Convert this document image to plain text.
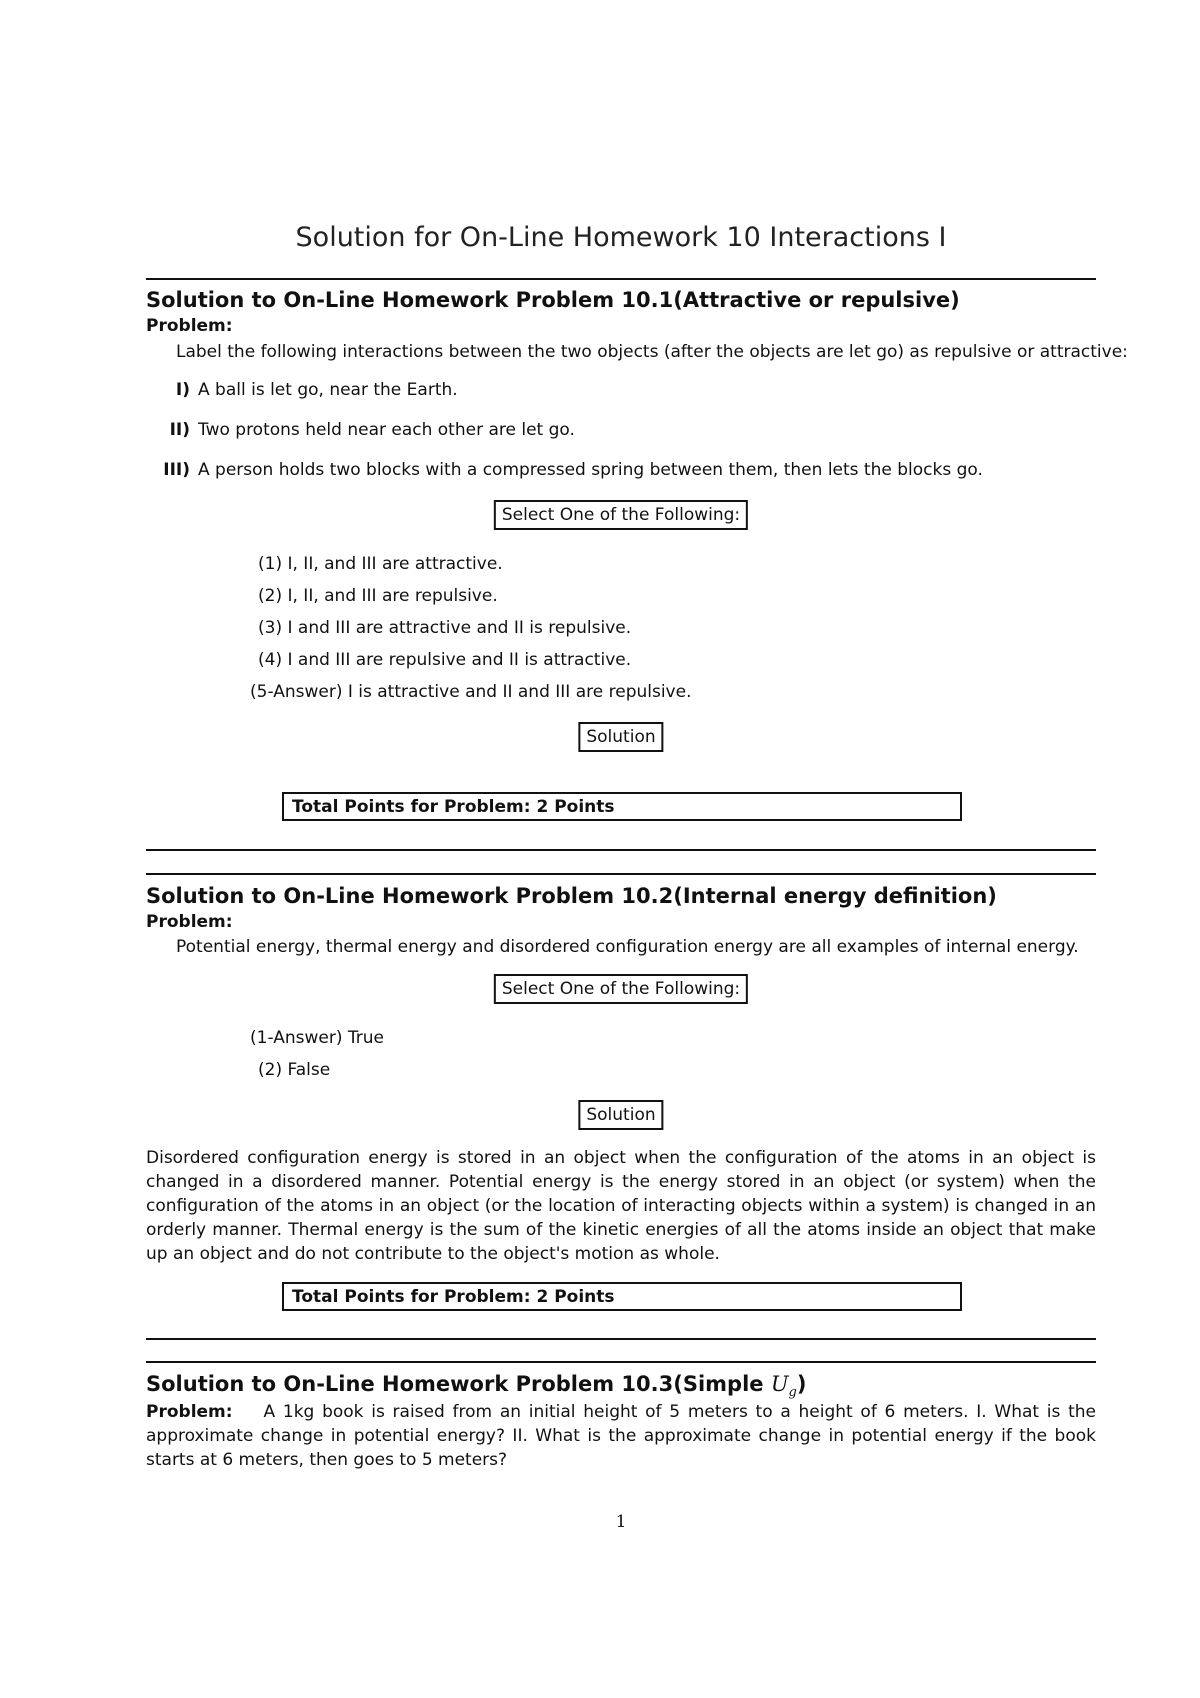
Solution for On-Line Homework 10 Interactions I
Solution to On-Line Homework Problem 10.1(Attractive or repulsive)
Problem:
Label the following interactions between the two objects (after the objects are let go) as repulsive or attractive:
I) A ball is let go, near the Earth.
II) Two protons held near each other are let go.
III) A person holds two blocks with a compressed spring between them, then lets the blocks go.
Select One of the Following:
(1) I, II, and III are attractive.
(2) I, II, and III are repulsive.
(3) I and III are attractive and II is repulsive.
(4) I and III are repulsive and II is attractive.
(5-Answer) I is attractive and II and III are repulsive.
Solution
Total Points for Problem: 2 Points
Solution to On-Line Homework Problem 10.2(Internal energy definition)
Problem:
Potential energy, thermal energy and disordered configuration energy are all examples of internal energy.
Select One of the Following:
(1-Answer) True
(2) False
Solution
Disordered configuration energy is stored in an object when the configuration of the atoms in an object is changed in a disordered manner. Potential energy is the energy stored in an object (or system) when the configuration of the atoms in an object (or the location of interacting objects within a system) is changed in an orderly manner. Thermal energy is the sum of the kinetic energies of all the atoms inside an object that make up an object and do not contribute to the object's motion as whole.
Total Points for Problem: 2 Points
Solution to On-Line Homework Problem 10.3(Simple $U_g$)
Problem: A 1kg book is raised from an initial height of 5 meters to a height of 6 meters. I. What is the approximate change in potential energy? II. What is the approximate change in potential energy if the book starts at 6 meters, then goes to 5 meters?
1
